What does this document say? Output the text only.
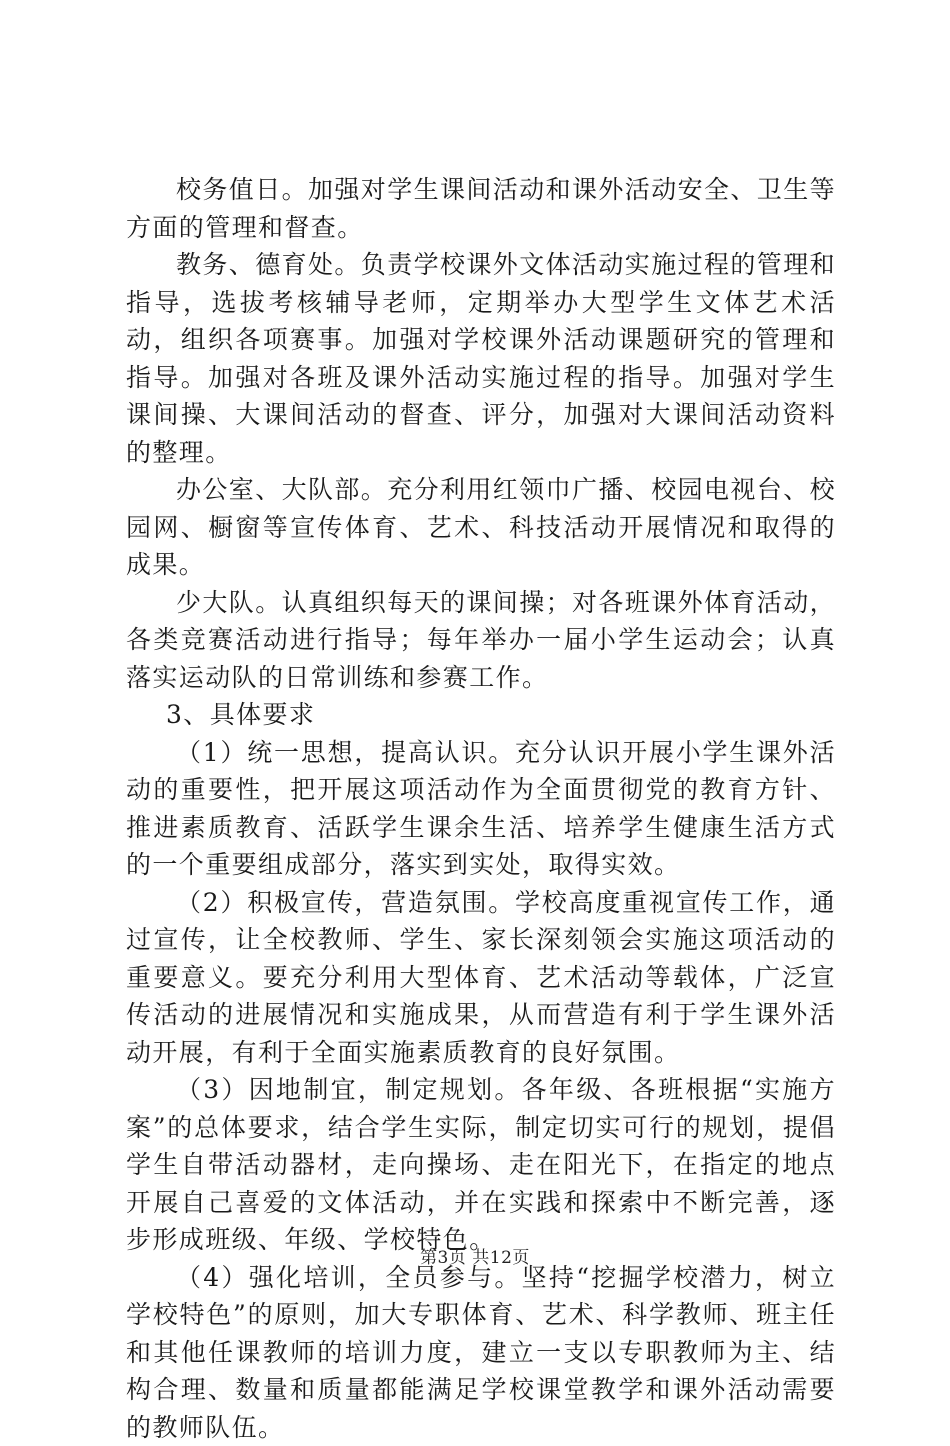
校务值日。加强对学生课间活动和课外活动安全、卫生等方面的管理和督查。

教务、德育处。负责学校课外文体活动实施过程的管理和指导，选拔考核辅导老师，定期举办大型学生文体艺术活动，组织各项赛事。加强对学校课外活动课题研究的管理和指导。加强对各班及课外活动实施过程的指导。加强对学生课间操、大课间活动的督查、评分，加强对大课间活动资料的整理。

办公室、大队部。充分利用红领巾广播、校园电视台、校园网、橱窗等宣传体育、艺术、科技活动开展情况和取得的成果。

少大队。认真组织每天的课间操；对各班课外体育活动，各类竞赛活动进行指导；每年举办一届小学生运动会；认真落实运动队的日常训练和参赛工作。

3、具体要求

（1）统一思想，提高认识。充分认识开展小学生课外活动的重要性，把开展这项活动作为全面贯彻党的教育方针、推进素质教育、活跃学生课余生活、培养学生健康生活方式的一个重要组成部分，落实到实处，取得实效。

（2）积极宣传，营造氛围。学校高度重视宣传工作，通过宣传，让全校教师、学生、家长深刻领会实施这项活动的重要意义。要充分利用大型体育、艺术活动等载体，广泛宣传活动的进展情况和实施成果，从而营造有利于学生课外活动开展，有利于全面实施素质教育的良好氛围。

（3）因地制宜，制定规划。各年级、各班根据“实施方案”的总体要求，结合学生实际，制定切实可行的规划，提倡学生自带活动器材，走向操场、走在阳光下，在指定的地点开展自己喜爱的文体活动，并在实践和探索中不断完善，逐步形成班级、年级、学校特色。

（4）强化培训，全员参与。坚持“挖掘学校潜力，树立学校特色”的原则，加大专职体育、艺术、科学教师、班主任和其他任课教师的培训力度，建立一支以专职教师为主、结构合理、数量和质量都能满足学校课堂教学和课外活动需要的教师队伍。

第3页 共12页
